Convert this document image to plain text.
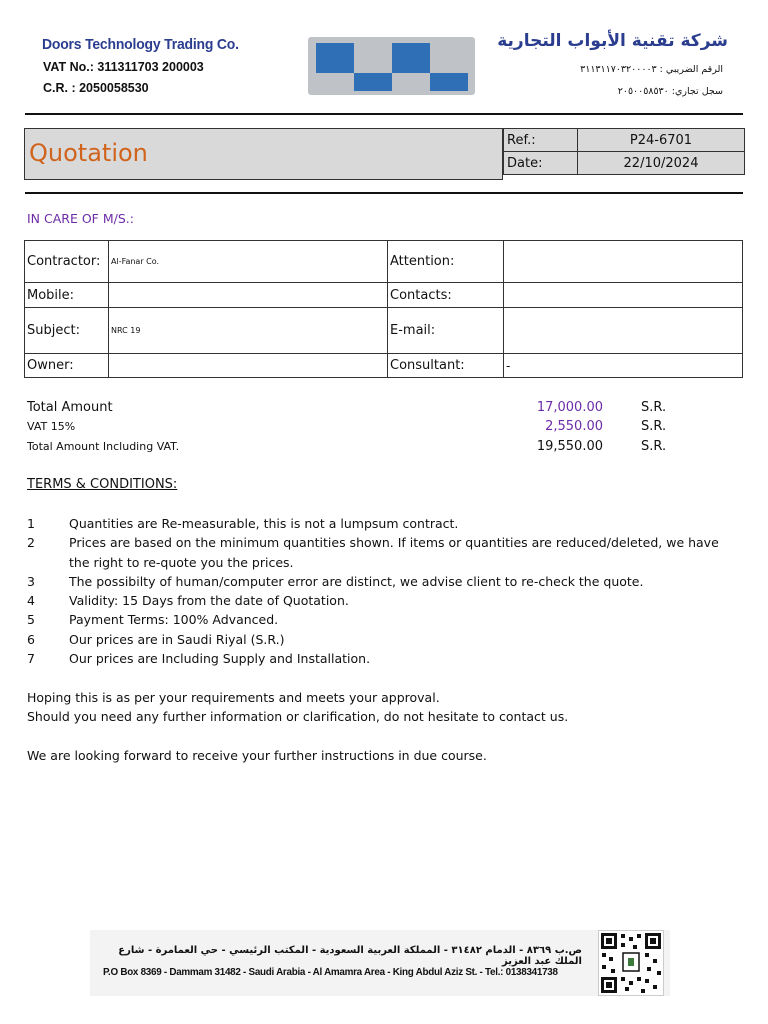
Doors Technology Trading Co.
VAT No.: 311311703 200003
C.R. : 2050058530
شركة تقنية الأبواب التجارية
الرقم الضريبي : ٣١١٣١١٧٠٣٢٠٠٠٠٣
سجل تجاري: ٢٠٥٠٠٥٨٥٣٠
Quotation	Ref.:	P24-6701
Date:	22/10/2024
IN CARE OF M/S.:
Contractor:	Al-Fanar Co.	Attention:	
Mobile:		Contacts:	
Subject:	NRC 19	E-mail:	
Owner:		Consultant:	-
Total Amount	17,000.00	S.R.
VAT 15%	2,550.00	S.R.
Total Amount Including VAT.	19,550.00	S.R.
TERMS & CONDITIONS:
1	Quantities are Re-measurable, this is not a lumpsum contract.
2	Prices are based on the minimum quantities shown. If items or quantities are reduced/deleted, we have the right to re-quote you the prices.
3	The possibilty of human/computer error are distinct, we advise client to re-check the quote.
4	Validity: 15 Days from the date of Quotation.
5	Payment Terms: 100% Advanced.
6	Our prices are in Saudi Riyal (S.R.)
7	Our prices are Including Supply and Installation.
Hoping this is as per your requirements and meets your approval.
Should you need any further information or clarification, do not hesitate to contact us.
We are looking forward to receive your further instructions in due course.
ص.ب ٨٣٦٩ - الدمام ٣١٤٨٢ - المملكة العربية السعودية - المكتب الرئيسي - حي العمامرة - شارع الملك عبد العزيز
P.O Box 8369 - Dammam 31482 - Saudi Arabia - Al Amamra Area - King Abdul Aziz St. - Tel.: 0138341738
